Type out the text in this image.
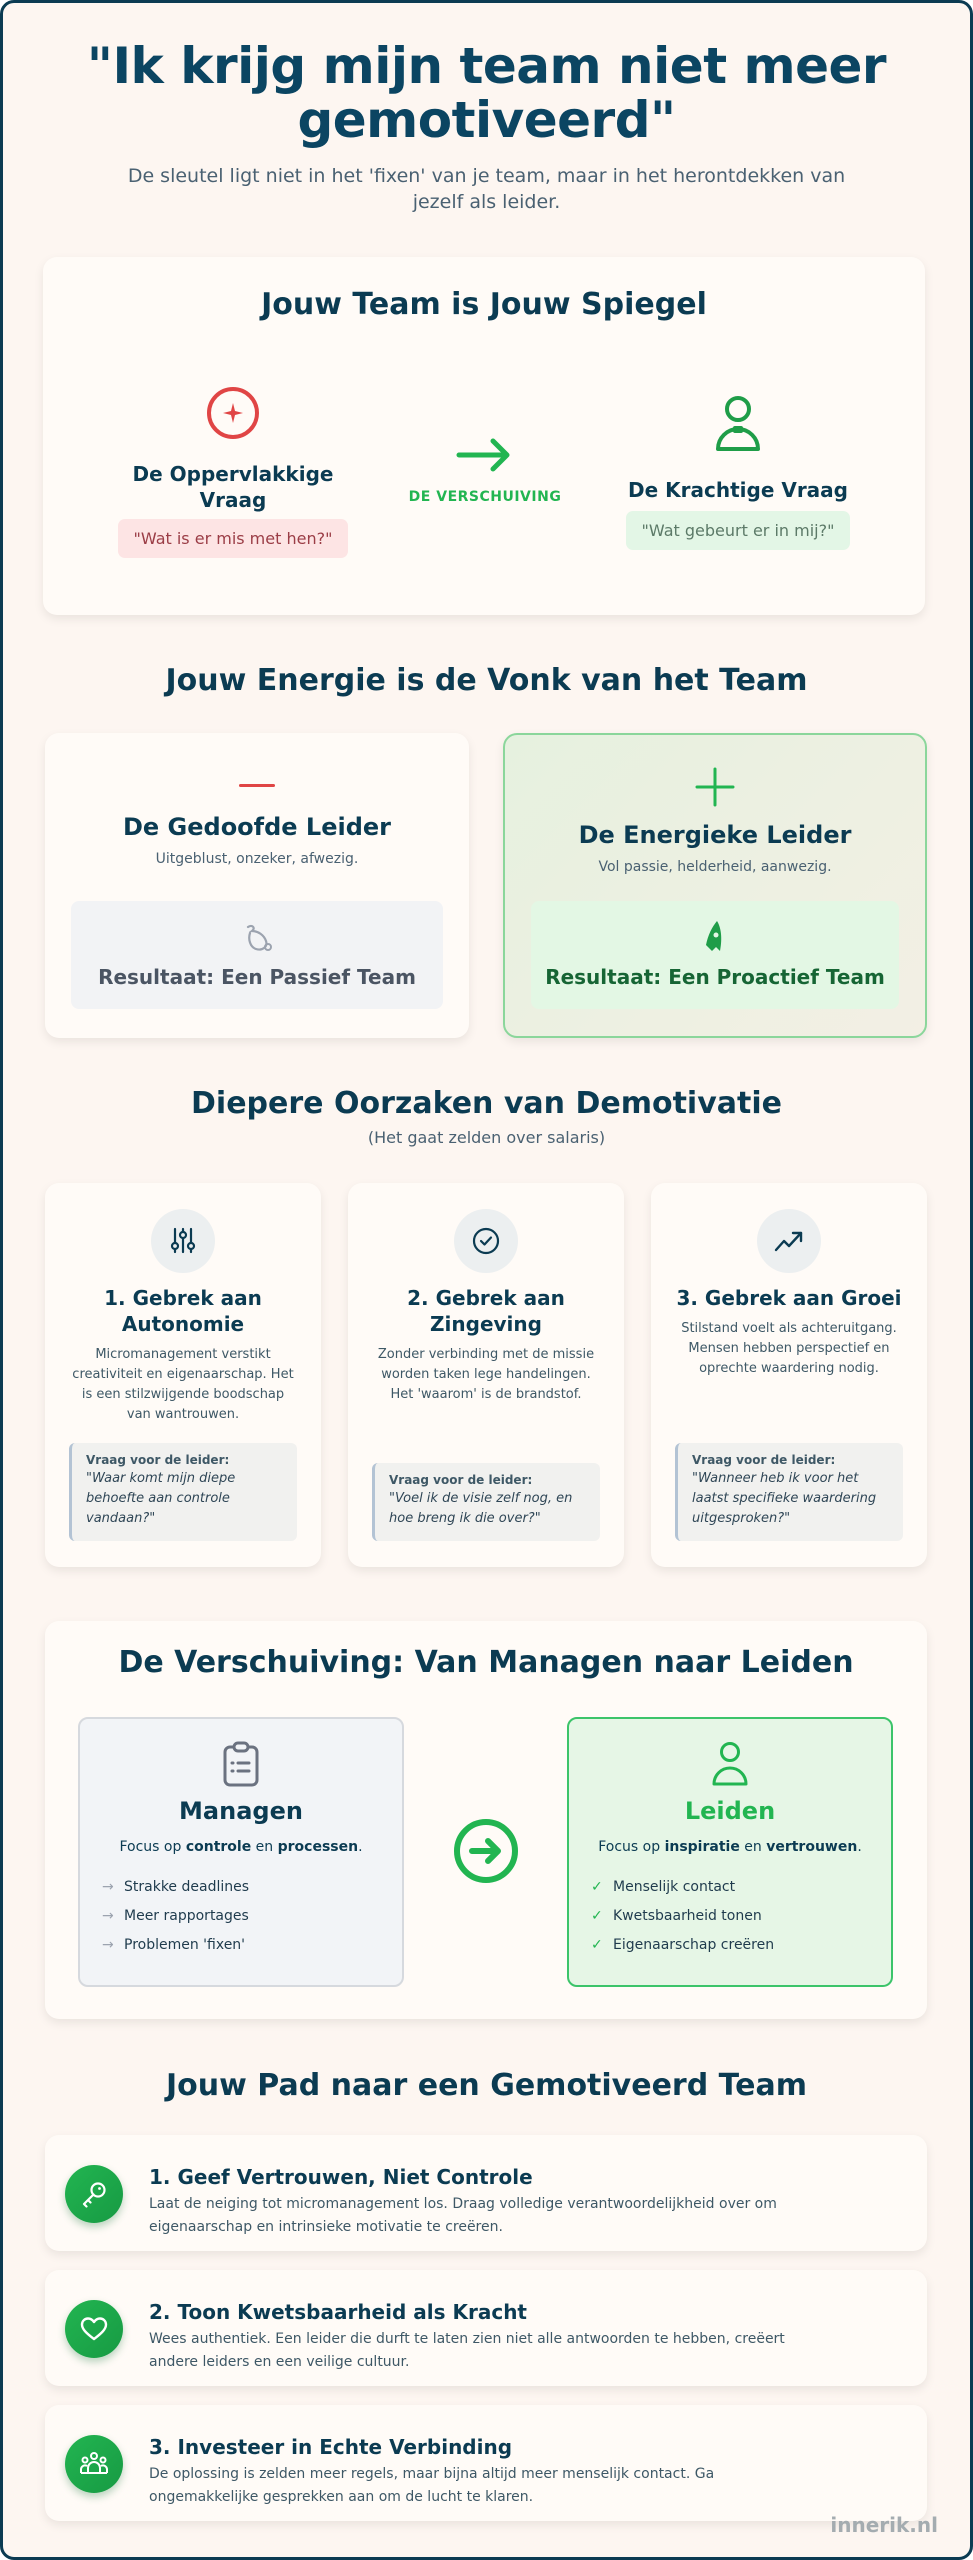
"Ik krijg mijn team niet meer gemotiveerd"

De sleutel ligt niet in het 'fixen' van je team, maar in het herontdekken van jezelf als leider.

Jouw Team is Jouw Spiegel
De Oppervlakkige Vraag
"Wat is er mis met hen?"
DE VERSCHUIVING	De Krachtige Vraag
"Wat gebeurt er in mij?"
Jouw Energie is de Vonk van het Team
De Gedoofde Leider
Uitgeblust, onzeker, afwezig.
Resultaat: Een Passief Team
De Energieke Leider
Vol passie, helderheid, aanwezig.
Resultaat: Een Proactief Team
Diepere Oorzaken van Demotivatie
(Het gaat zelden over salaris)
1. Gebrek aan Autonomie
Micromanagement verstikt creativiteit en eigenaarschap. Het is een stilzwijgende boodschap van wantrouwen.
Vraag voor de leider:
"Waar komt mijn diepe behoefte aan controle vandaan?"
2. Gebrek aan Zingeving
Zonder verbinding met de missie worden taken lege handelingen. Het 'waarom' is de brandstof.
Vraag voor de leider:
"Voel ik de visie zelf nog, en hoe breng ik die over?"
3. Gebrek aan Groei
Stilstand voelt als achteruitgang. Mensen hebben perspectief en oprechte waardering nodig.
Vraag voor de leider:
"Wanneer heb ik voor het laatst specifieke waardering uitgesproken?"
De Verschuiving: Van Managen naar Leiden
Managen
Focus op controle en processen.
→ Strakke deadlines
→ Meer rapportages
→ Problemen 'fixen'
Leiden
Focus op inspiratie en vertrouwen.
✓ Menselijk contact
✓ Kwetsbaarheid tonen
✓ Eigenaarschap creëren
Jouw Pad naar een Gemotiveerd Team
1. Geef Vertrouwen, Niet Controle

Laat de neiging tot micromanagement los. Draag volledige verantwoordelijkheid over om eigenaarschap en intrinsieke motivatie te creëren.

2. Toon Kwetsbaarheid als Kracht

Wees authentiek. Een leider die durft te laten zien niet alle antwoorden te hebben, creëert andere leiders en een veilige cultuur.

3. Investeer in Echte Verbinding

De oplossing is zelden meer regels, maar bijna altijd meer menselijk contact. Ga ongemakkelijke gesprekken aan om de lucht te klaren.

innerik.nl
